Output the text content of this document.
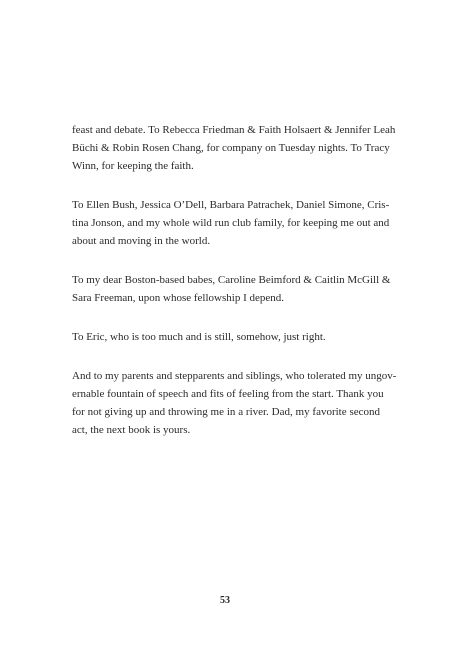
feast and debate. To Rebecca Friedman & Faith Holsaert & Jennifer Leah
Büchi & Robin Rosen Chang, for company on Tuesday nights. To Tracy
Winn, for keeping the faith.

To Ellen Bush, Jessica O’Dell, Barbara Patrachek, Daniel Simone, Cris-
tina Jonson, and my whole wild run club family, for keeping me out and
about and moving in the world.

To my dear Boston-based babes, Caroline Beimford & Caitlin McGill &
Sara Freeman, upon whose fellowship I depend.

To Eric, who is too much and is still, somehow, just right.

And to my parents and stepparents and siblings, who tolerated my ungov-
ernable fountain of speech and fits of feeling from the start. Thank you
for not giving up and throwing me in a river. Dad, my favorite second
act, the next book is yours.

53
